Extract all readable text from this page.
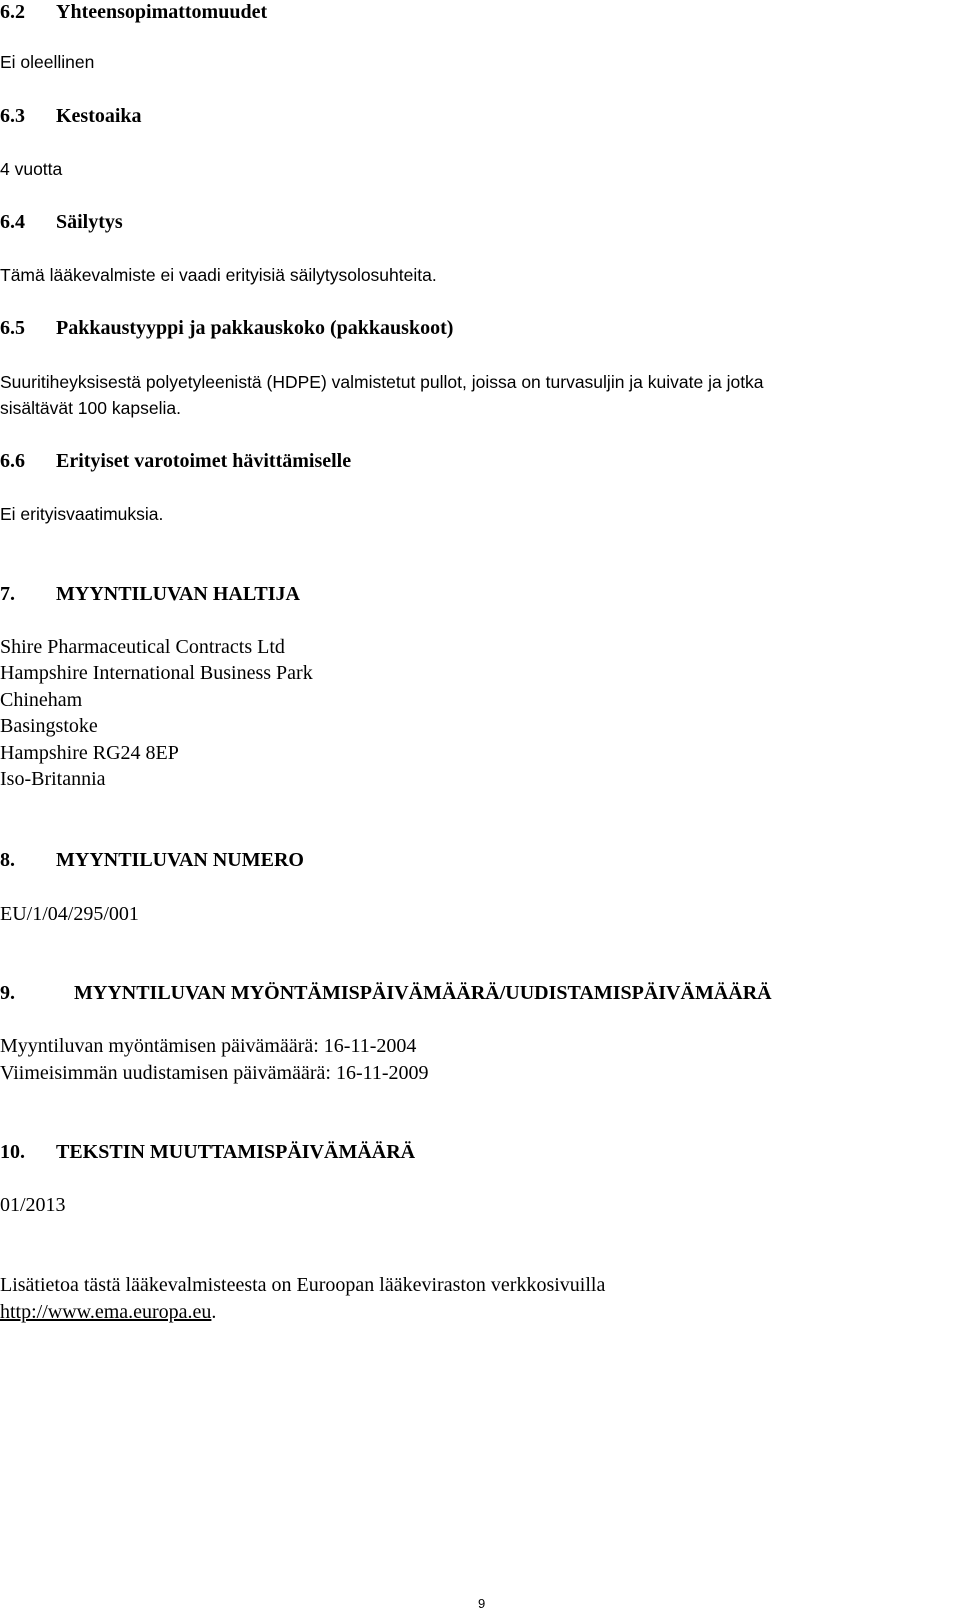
6.2 Yhteensopimattomuudet
Ei oleellinen
6.3 Kestoaika
4 vuotta
6.4 Säilytys
Tämä lääkevalmiste ei vaadi erityisiä säilytysolosuhteita.
6.5 Pakkaustyyppi ja pakkauskoko (pakkauskoot)
Suuritiheyksisestä polyetyleenistä (HDPE) valmistetut pullot, joissa on turvasuljin ja kuivate ja jotka
sisältävät 100 kapselia.
6.6 Erityiset varotoimet hävittämiselle
Ei erityisvaatimuksia.
7. MYYNTILUVAN HALTIJA
Shire Pharmaceutical Contracts Ltd
Hampshire International Business Park
Chineham
Basingstoke
Hampshire RG24 8EP
Iso-Britannia
8. MYYNTILUVAN NUMERO
EU/1/04/295/001
9.	MYYNTILUVAN MYÖNTÄMISPÄIVÄMÄÄRÄ/UUDISTAMISPÄIVÄMÄÄRÄ
Myyntiluvan myöntämisen päivämäärä: 16-11-2004
Viimeisimmän uudistamisen päivämäärä: 16-11-2009
10. TEKSTIN MUUTTAMISPÄIVÄMÄÄRÄ
01/2013
Lisätietoa tästä lääkevalmisteesta on Euroopan lääkeviraston verkkosivuilla
http://www.ema.europa.eu.
9
